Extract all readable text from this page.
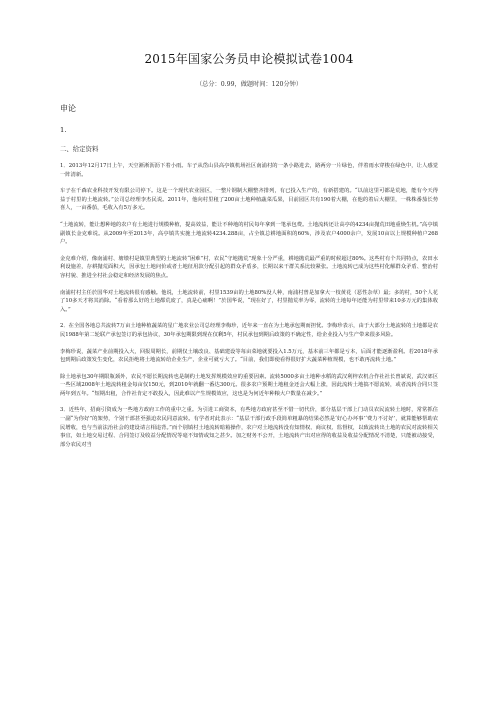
2015年国家公务员申论模拟试卷1004
（总分：0.99，做题时间：120分钟）
申论
1.
二、给定资料

1．2013年12月17日上午，天空淅淅沥沥下着小雨。车子从岱山县高亭镇机场社区南浦村的一条小路进去，路两旁一片绿色，伴着雨水穿梭在绿色中，让人感觉一阵清新。

车子在千森农业科技开发有限公司停下。这是一个现代农业园区，一整片钢制大棚整齐排列，有已投入生产的，有新搭建的。“以前这里可都是荒地，能有今天得益于村里的土地流转。”公司总经理李杰民说。2011年，他向村里租了200亩土地种植蔬菜瓜果，目前园区共有190着大棚，在他的着后大棚里，一株株番茄长势喜人，一亩番茄，毛收入有5万多元。

“土地流转，能让想种地的农户有土地进行规模种植，提高效益，能让不种地的村民每年拿到一笔承包费。土地流转还让高亭的4234亩抛荒田地重焕生机。”高亭镇副镇长金克难说。从2009年至2013年，高亭镇共实施土地流转4234.288亩，占全镇总耕地面积的60%，涉及农户4000余户，发展10亩以上规模种植户268户。

金克难介绍，像南浦村、塘墩村是镇里典型的土地流转“困难”村，农民“守地抛荒”现象十分严重，耕地抛荒最严重的时候超过80%。这些村有个共同特点，农田水利设施差，存耕抛荒面积大，因承包土地问价或者土地征用款分配引起的群众矛盾多，长期以来干群关系比较紧张。土地流转已成为这些村化解群众矛盾、整治村容村貌、推进全村社会稳定和经济发展的焦点。

南浦村村主任於国华对土地流转很有感触。他说，土地流转前，村里1539亩的土地80%没人种，南浦村曾是加拿大一枝黄花（恶性杂草）最；多的村，50个人花了10多天才将其消除。“看着那么好的土地都荒废了，真是心痛啊！”於国华说，“现在好了，村里抛荒率为零，流转的土地每年还能为村里带来10多万元的集体收入。”

2．在全国各地总共流转7万亩土地种植蔬菜的星广地农业公司总经理李梅珍，近年来一直在为土地承包期而担忧。李梅珍表示，由于大部分土地流转的土地都是农民1988年第二轮联产承包签订的承包协议，30年承包期限到现在仅剩5年，村民承包到期后政策的不确定性，给企业投入与生产带来很多风险。

李梅珍说，蔬菜产业前期投入大，回报周期长，前期仅土壤改良、基础建设等每亩菜地就要投入1.5万元，基本前三年都是亏本，后面才能逐渐盈利。若2018年承包到期后政策发生变化，农民拒绝将土地流转给企业生产，企业可就亏大了。“目前，我们即使看得很好扩大蔬菜种植规模，也不敢再流转土地。”

除土地承包30年期限瓶颈外，农民不愿长期流转也是制约土地发挥规模效应的重要因素。流转5000多亩土地种水稻的武汉利梓农机合作社社长曾斌说，武汉郊区一些区域2008年土地流转租金每亩仅150元，到2010年就翻一番达300元。很多农户预期土地租金还会大幅上涨，因此流转土地搞不愿流转，或者流转合同只签两年到五年。“短期出租，合作社肯定不敢投入，因此难以产生规模效应，这也是为何近年种粮大户数量在减少。”

3．近些年，招商引资成为一些地方政府工作的重中之重。为引进工商资本，有些地方政府甚至不惜一切代价，部分基层干部上门动员农民流转土地时，常常抓住一副“为你好”的架势，个别干部甚至强迫农民同意流转。有学者对此表示：“基层干部行政手段简单粗暴的结果必然是‘好心办坏事’‘费力不讨好’，就算能够帮助农民增收，也与当前法治社会的建设请言相违背。”而个别镇村土地流转暗箱操作，农户对土地流转没有知情权、商议权、监督权，以致流转出土地的农民对流转相关事宜，如土地交易过程、合同签订及收益分配情况等毫不知情或知之甚少。加之财务不公开，土地流转产出对应得的收益及收益分配情况不清楚，只能被动接受，部分农民对当
